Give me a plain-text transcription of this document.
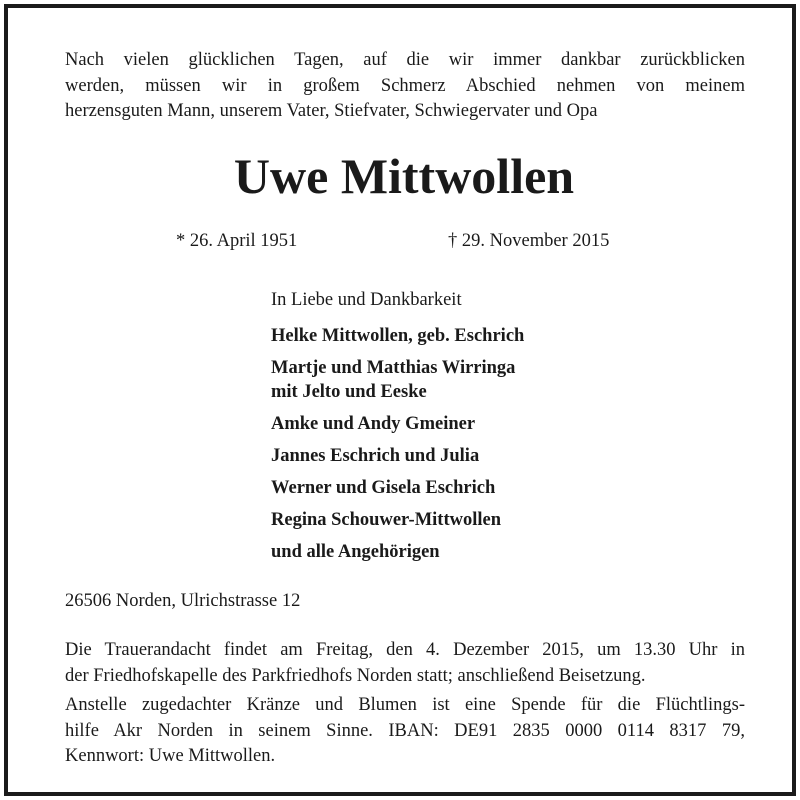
Nach vielen glücklichen Tagen, auf die wir immer dankbar zurückblicken
werden, müssen wir in großem Schmerz Abschied nehmen von meinem
herzensguten Mann, unserem Vater, Stiefvater, Schwiegervater und Opa
Uwe Mittwollen
* 26. April 1951	† 29. November 2015
In Liebe und Dankbarkeit
Helke Mittwollen, geb. Eschrich
Martje und Matthias Wirringa
mit Jelto und Eeske
Amke und Andy Gmeiner
Jannes Eschrich und Julia
Werner und Gisela Eschrich
Regina Schouwer-Mittwollen
und alle Angehörigen
26506 Norden, Ulrichstrasse 12
Die Trauerandacht findet am Freitag, den 4. Dezember 2015, um 13.30 Uhr in
der Friedhofskapelle des Parkfriedhofs Norden statt; anschließend Beisetzung.
Anstelle zugedachter Kränze und Blumen ist eine Spende für die Flüchtlings-
hilfe Akr Norden in seinem Sinne. IBAN: DE91 2835 0000 0114 8317 79,
Kennwort: Uwe Mittwollen.
